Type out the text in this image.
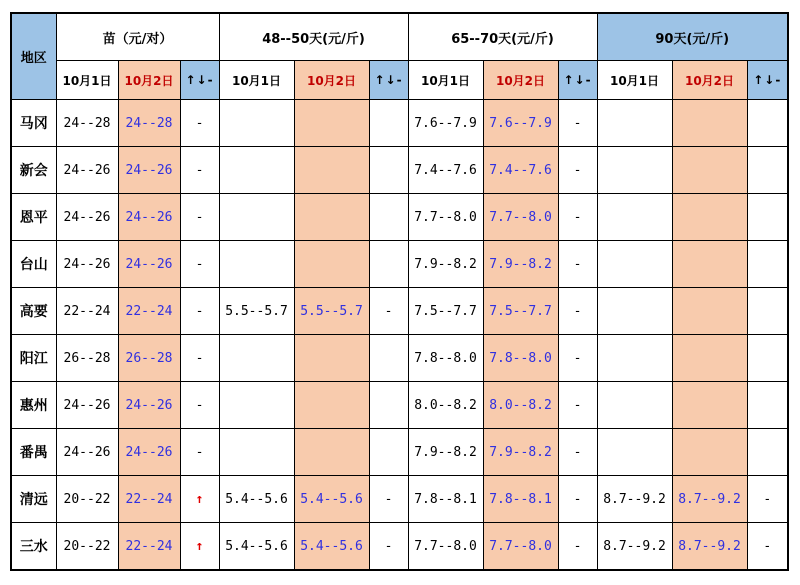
地区	苗（元/对）			48--50天(元/斤)			65--70天(元/斤)			90天(元/斤)		
	10月1日	10月2日	↑↓-	10月1日	10月2日	↑↓-	10月1日	10月2日	↑↓-	10月1日	10月2日	↑↓-
马冈	24--28	24--28	-				7.6--7.9	7.6--7.9	-			
新会	24--26	24--26	-				7.4--7.6	7.4--7.6	-			
恩平	24--26	24--26	-				7.7--8.0	7.7--8.0	-			
台山	24--26	24--26	-				7.9--8.2	7.9--8.2	-			
高要	22--24	22--24	-	5.5--5.7	5.5--5.7	-	7.5--7.7	7.5--7.7	-			
阳江	26--28	26--28	-				7.8--8.0	7.8--8.0	-			
惠州	24--26	24--26	-				8.0--8.2	8.0--8.2	-			
番禺	24--26	24--26	-				7.9--8.2	7.9--8.2	-			
清远	20--22	22--24	↑	5.4--5.6	5.4--5.6	-	7.8--8.1	7.8--8.1	-	8.7--9.2	8.7--9.2	-
三水	20--22	22--24	↑	5.4--5.6	5.4--5.6	-	7.7--8.0	7.7--8.0	-	8.7--9.2	8.7--9.2	-
